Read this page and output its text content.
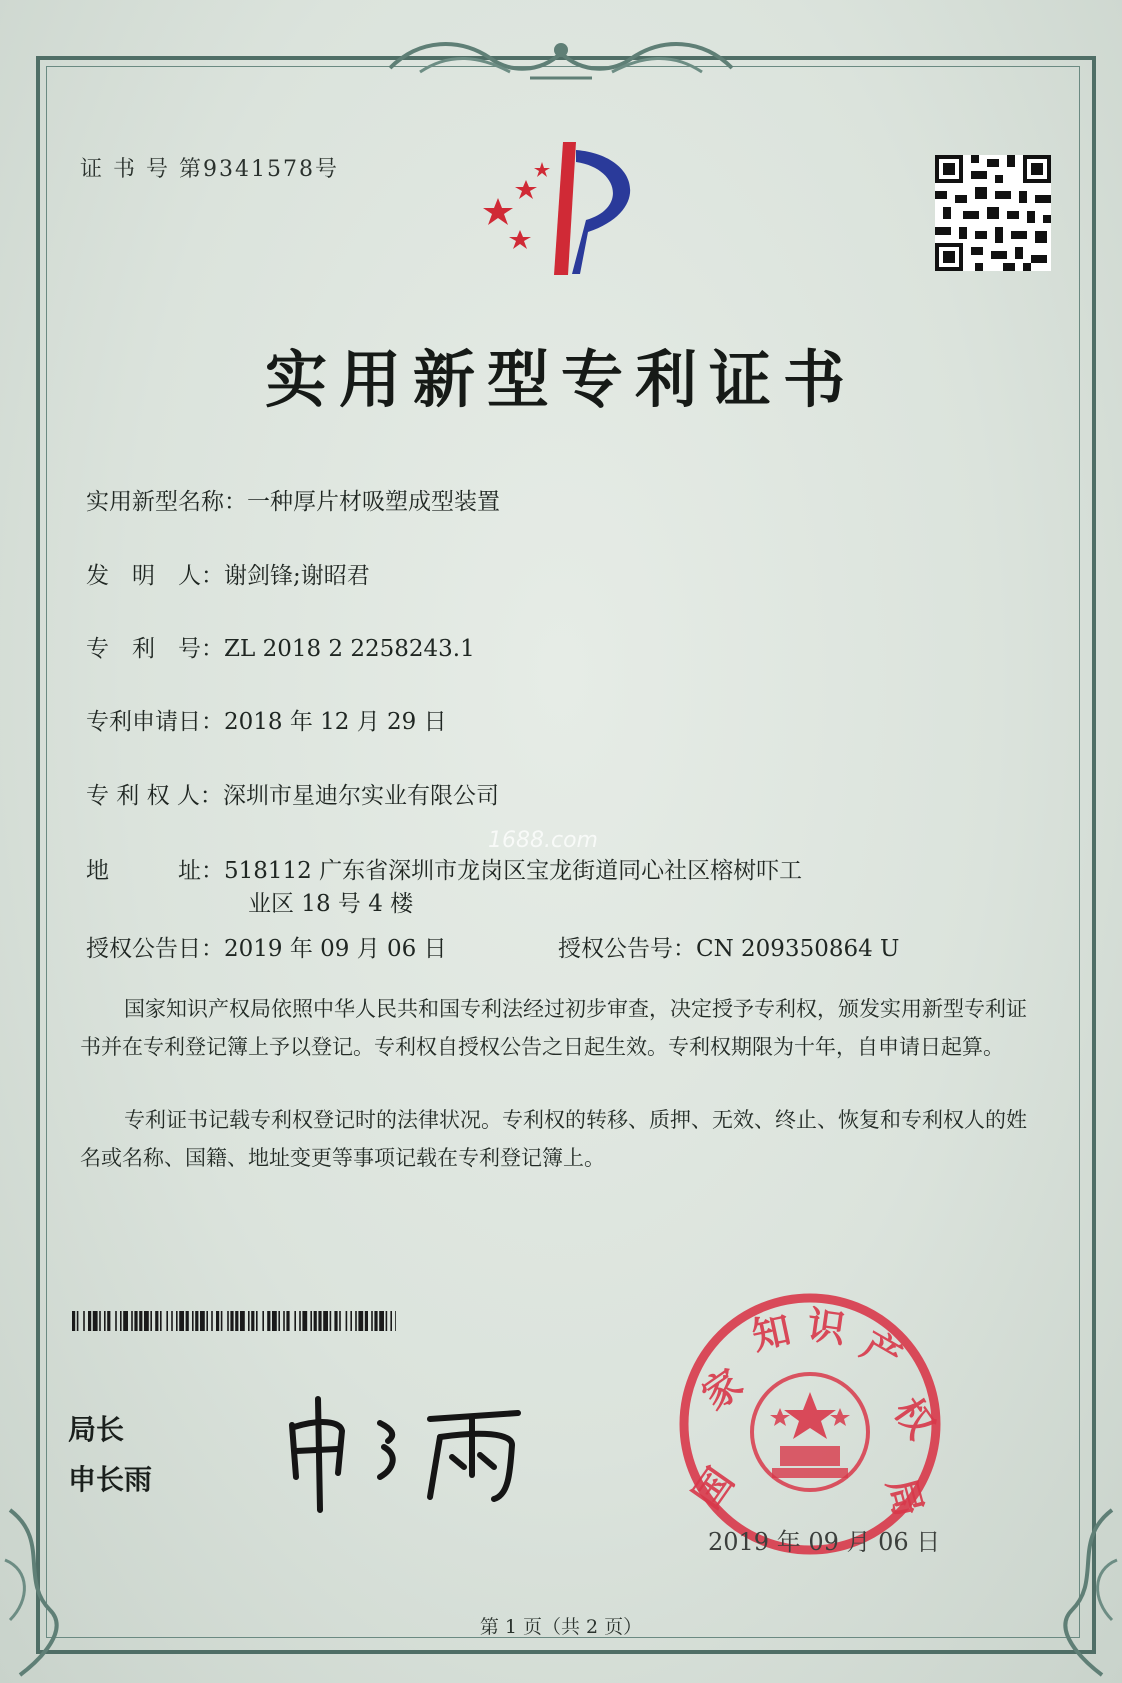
证 书 号 第9341578号
实用新型专利证书
实用新型名称：一种厚片材吸塑成型装置
发　明　人：谢剑锋;谢昭君
专　利　号：ZL 2018 2 2258243.1
专利申请日：2018 年 12 月 29 日
专 利 权 人：深圳市星迪尔实业有限公司
地　　　址：518112 广东省深圳市龙岗区宝龙街道同心社区榕树吓工
业区 18 号 4 楼
授权公告日：2019 年 09 月 06 日	授权公告号：CN 209350864 U
1688.com
国家知识产权局依照中华人民共和国专利法经过初步审查，决定授予专利权，颁发实用新型专利证书并在专利登记簿上予以登记。专利权自授权公告之日起生效。专利权期限为十年，自申请日起算。
专利证书记载专利权登记时的法律状况。专利权的转移、质押、无效、终止、恢复和专利权人的姓名或名称、国籍、地址变更等事项记载在专利登记簿上。
局长
申长雨	国
家
知 识 产
权
局
2019 年 09 月 06 日
第 1 页（共 2 页）
